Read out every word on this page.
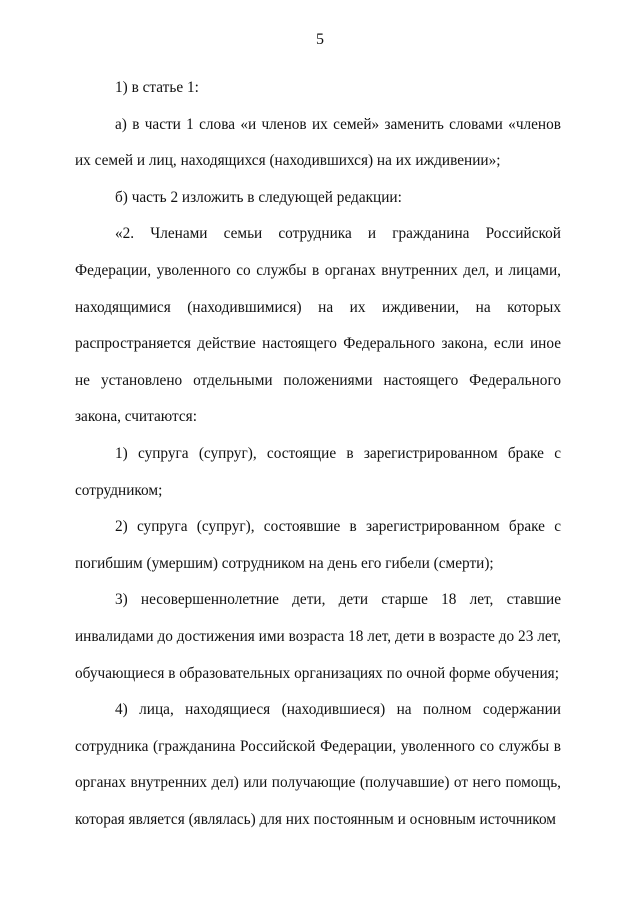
5

1) в статье 1:

а) в части 1 слова «и членов их семей» заменить словами «членов их семей и лиц, находящихся (находившихся) на их иждивении»;

б) часть 2 изложить в следующей редакции:

«2. Членами семьи сотрудника и гражданина Российской Федерации, уволенного со службы в органах внутренних дел, и лицами, находящимися (находившимися) на их иждивении, на которых распространяется действие настоящего Федерального закона, если иное не установлено отдельными положениями настоящего Федерального закона, считаются:

1) супруга (супруг), состоящие в зарегистрированном браке с сотрудником;

2) супруга (супруг), состоявшие в зарегистрированном браке с погибшим (умершим) сотрудником на день его гибели (смерти);

3) несовершеннолетние дети, дети старше 18 лет, ставшие инвалидами до достижения ими возраста 18 лет, дети в возрасте до 23 лет, обучающиеся в образовательных организациях по очной форме обучения;

4) лица, находящиеся (находившиеся) на полном содержании сотрудника (гражданина Российской Федерации, уволенного со службы в органах внутренних дел) или получающие (получавшие) от него помощь, которая является (являлась) для них постоянным и основным источником
